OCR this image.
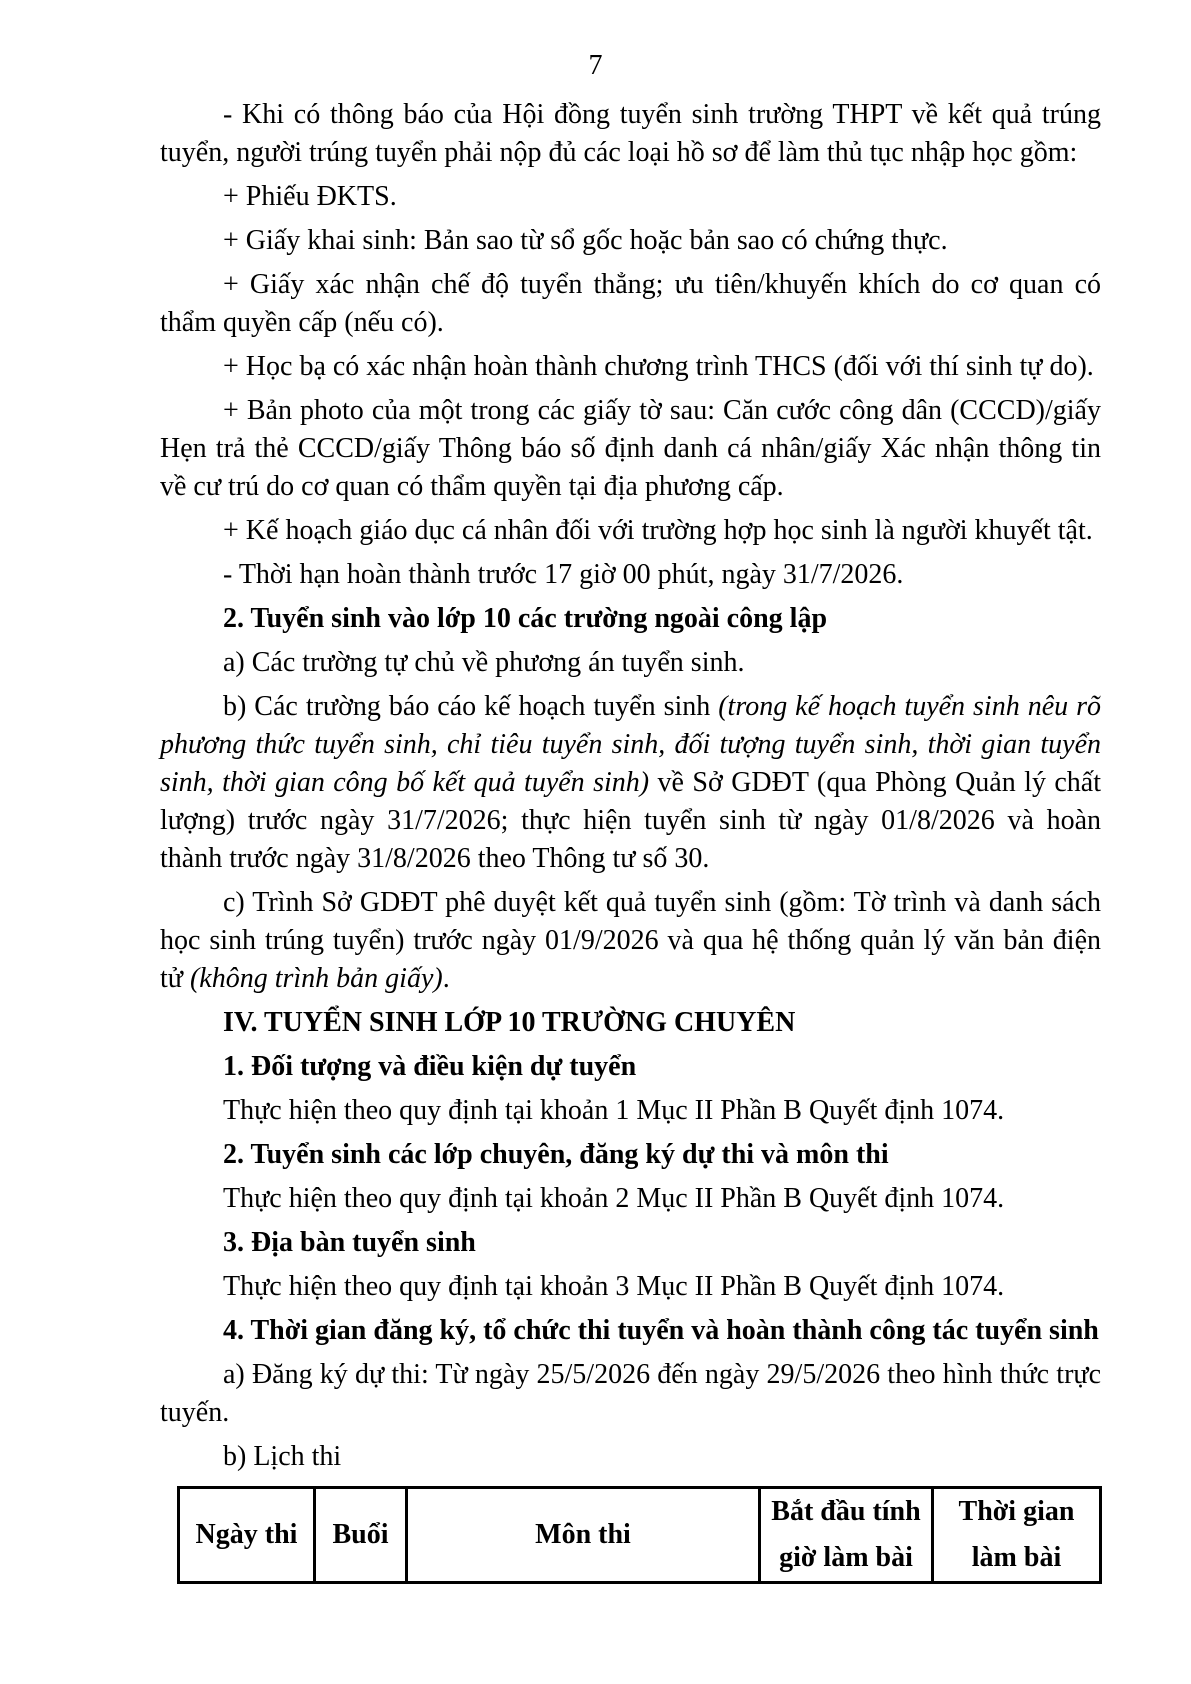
7

- Khi có thông báo của Hội đồng tuyển sinh trường THPT về kết quả trúng tuyển, người trúng tuyển phải nộp đủ các loại hồ sơ để làm thủ tục nhập học gồm:

+ Phiếu ĐKTS.

+ Giấy khai sinh: Bản sao từ sổ gốc hoặc bản sao có chứng thực.

+ Giấy xác nhận chế độ tuyển thẳng; ưu tiên/khuyến khích do cơ quan có thẩm quyền cấp (nếu có).

+ Học bạ có xác nhận hoàn thành chương trình THCS (đối với thí sinh tự do).

+ Bản photo của một trong các giấy tờ sau: Căn cước công dân (CCCD)/giấy Hẹn trả thẻ CCCD/giấy Thông báo số định danh cá nhân/giấy Xác nhận thông tin về cư trú do cơ quan có thẩm quyền tại địa phương cấp.

+ Kế hoạch giáo dục cá nhân đối với trường hợp học sinh là người khuyết tật.

- Thời hạn hoàn thành trước 17 giờ 00 phút, ngày 31/7/2026.

2. Tuyển sinh vào lớp 10 các trường ngoài công lập

a) Các trường tự chủ về phương án tuyển sinh.

b) Các trường báo cáo kế hoạch tuyển sinh (trong kế hoạch tuyển sinh nêu rõ phương thức tuyển sinh, chỉ tiêu tuyển sinh, đối tượng tuyển sinh, thời gian tuyển sinh, thời gian công bố kết quả tuyển sinh) về Sở GDĐT (qua Phòng Quản lý chất lượng) trước ngày 31/7/2026; thực hiện tuyển sinh từ ngày 01/8/2026 và hoàn thành trước ngày 31/8/2026 theo Thông tư số 30.

c) Trình Sở GDĐT phê duyệt kết quả tuyển sinh (gồm: Tờ trình và danh sách học sinh trúng tuyển) trước ngày 01/9/2026 và qua hệ thống quản lý văn bản điện tử (không trình bản giấy).

IV. TUYỂN SINH LỚP 10 TRƯỜNG CHUYÊN
1. Đối tượng và điều kiện dự tuyển

Thực hiện theo quy định tại khoản 1 Mục II Phần B Quyết định 1074.

2. Tuyển sinh các lớp chuyên, đăng ký dự thi và môn thi

Thực hiện theo quy định tại khoản 2 Mục II Phần B Quyết định 1074.

3. Địa bàn tuyển sinh

Thực hiện theo quy định tại khoản 3 Mục II Phần B Quyết định 1074.

4. Thời gian đăng ký, tổ chức thi tuyển và hoàn thành công tác tuyển sinh

a) Đăng ký dự thi: Từ ngày 25/5/2026 đến ngày 29/5/2026 theo hình thức trực tuyến.

b) Lịch thi

Ngày thi	Buổi	Môn thi	Bắt đầu tính giờ làm bài	Thời gian làm bài
